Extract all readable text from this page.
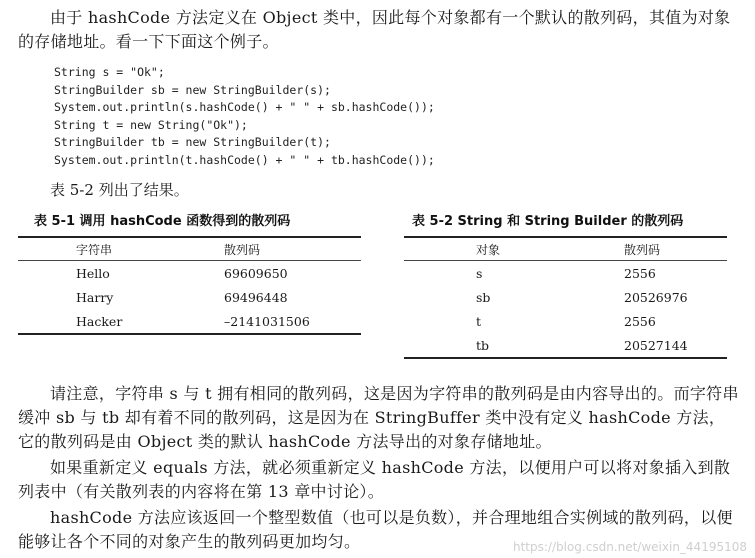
由于 hashCode 方法定义在 Object 类中，因此每个对象都有一个默认的散列码，其值为对象的存储地址。看一下下面这个例子。
String s = "Ok";
StringBuilder sb = new StringBuilder(s);
System.out.println(s.hashCode() + " " + sb.hashCode());
String t = new String("Ok");
StringBuilder tb = new StringBuilder(t);
System.out.println(t.hashCode() + " " + tb.hashCode());
表 5-2 列出了结果。
表 5-1 调用 hashCode 函数得到的散列码	表 5-2 String 和 String Builder 的散列码
字符串	散列码
Hello	69609650
Harry	69496448
Hacker	–2141031506
对象	散列码
s	2556
sb	20526976
t	2556
tb	20527144
请注意，字符串 s 与 t 拥有相同的散列码，这是因为字符串的散列码是由内容导出的。而字符串缓冲 sb 与 tb 却有着不同的散列码，这是因为在 StringBuffer 类中没有定义 hashCode 方法，它的散列码是由 Object 类的默认 hashCode 方法导出的对象存储地址。
如果重新定义 equals 方法，就必须重新定义 hashCode 方法，以便用户可以将对象插入到散列表中（有关散列表的内容将在第 13 章中讨论）。
hashCode 方法应该返回一个整型数值（也可以是负数），并合理地组合实例域的散列码，以便能够让各个不同的对象产生的散列码更加均匀。	https://blog.csdn.net/weixin_44195108
